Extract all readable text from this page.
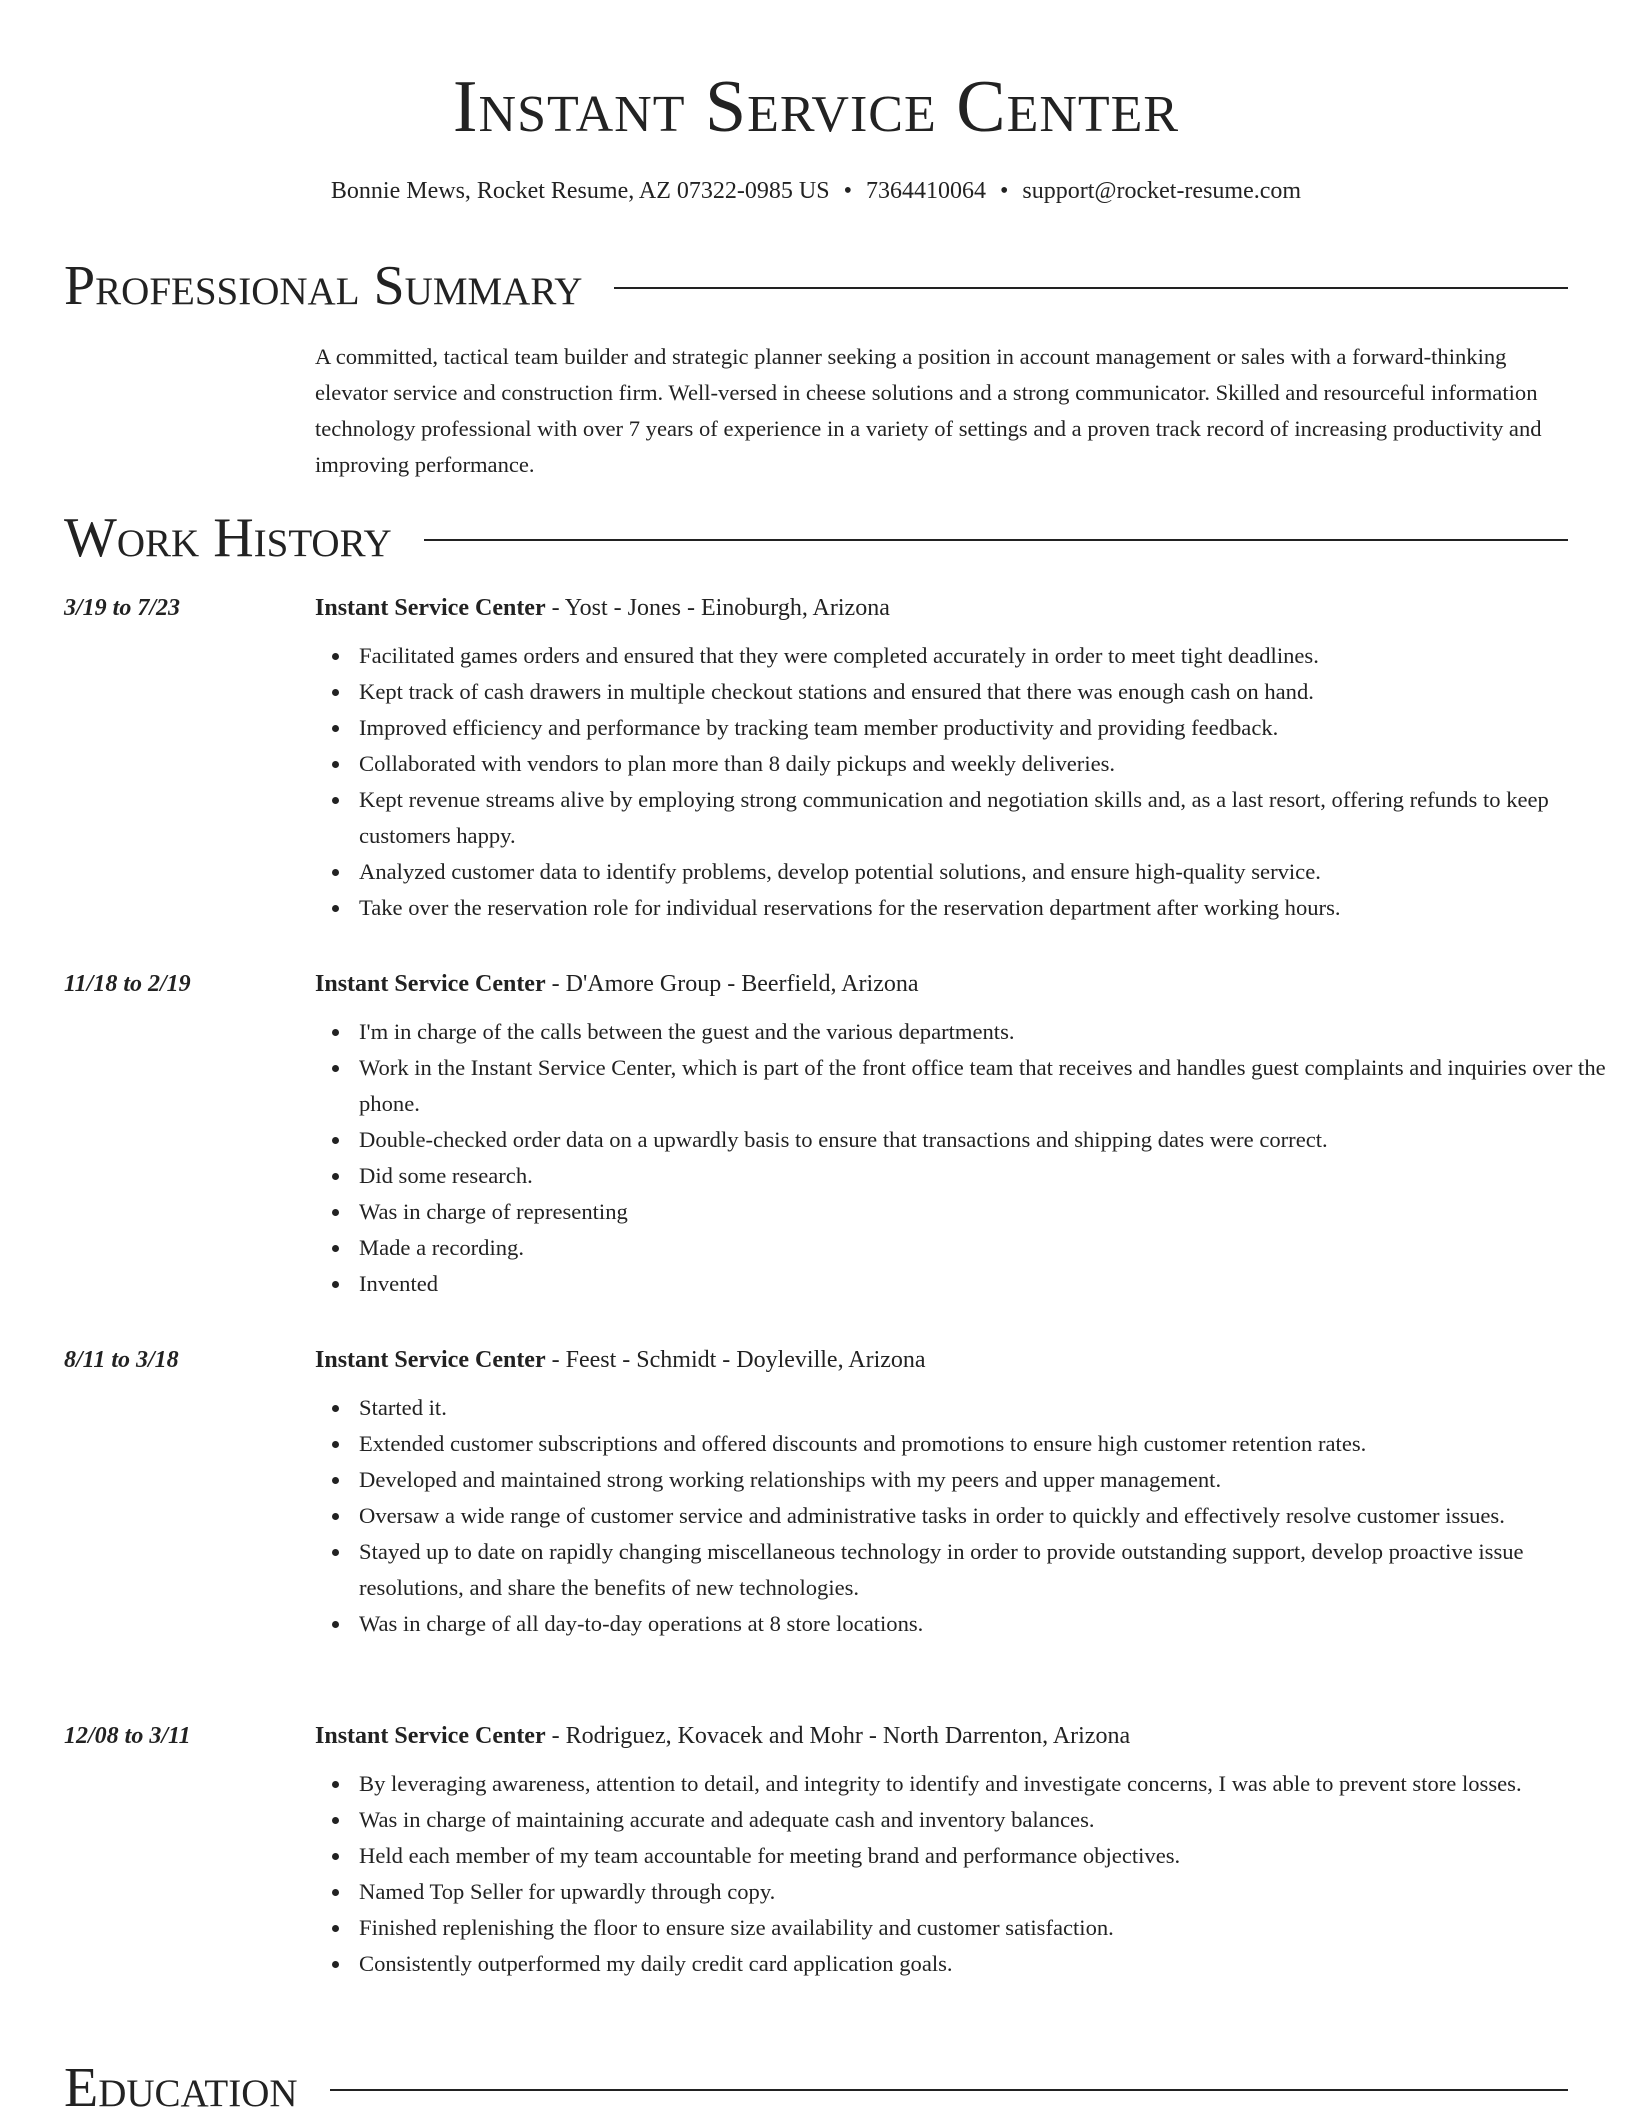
Instant Service Center
Bonnie Mews, Rocket Resume, AZ 07322-0985 US • 7364410064 • support@rocket-resume.com
Professional Summary

A committed, tactical team builder and strategic planner seeking a position in account management or sales with a forward-thinking elevator service and construction firm. Well-versed in cheese solutions and a strong communicator. Skilled and resourceful information technology professional with over 7 years of experience in a variety of settings and a proven track record of increasing productivity and improving performance.

Work History
3/19 to 7/23	Instant Service Center - Yost - Jones - Einoburgh, Arizona
Facilitated games orders and ensured that they were completed accurately in order to meet tight deadlines.
Kept track of cash drawers in multiple checkout stations and ensured that there was enough cash on hand.
Improved efficiency and performance by tracking team member productivity and providing feedback.
Collaborated with vendors to plan more than 8 daily pickups and weekly deliveries.
Kept revenue streams alive by employing strong communication and negotiation skills and, as a last resort, offering refunds to keep customers happy.
Analyzed customer data to identify problems, develop potential solutions, and ensure high-quality service.
Take over the reservation role for individual reservations for the reservation department after working hours.
11/18 to 2/19	Instant Service Center - D'Amore Group - Beerfield, Arizona
I'm in charge of the calls between the guest and the various departments.
Work in the Instant Service Center, which is part of the front office team that receives and handles guest complaints and inquiries over the phone.
Double-checked order data on a upwardly basis to ensure that transactions and shipping dates were correct.
Did some research.
Was in charge of representing
Made a recording.
Invented
8/11 to 3/18	Instant Service Center - Feest - Schmidt - Doyleville, Arizona
Started it.
Extended customer subscriptions and offered discounts and promotions to ensure high customer retention rates.
Developed and maintained strong working relationships with my peers and upper management.
Oversaw a wide range of customer service and administrative tasks in order to quickly and effectively resolve customer issues.
Stayed up to date on rapidly changing miscellaneous technology in order to provide outstanding support, develop proactive issue resolutions, and share the benefits of new technologies.
Was in charge of all day-to-day operations at 8 store locations.
12/08 to 3/11	Instant Service Center - Rodriguez, Kovacek and Mohr - North Darrenton, Arizona
By leveraging awareness, attention to detail, and integrity to identify and investigate concerns, I was able to prevent store losses.
Was in charge of maintaining accurate and adequate cash and inventory balances.
Held each member of my team accountable for meeting brand and performance objectives.
Named Top Seller for upwardly through copy.
Finished replenishing the floor to ensure size availability and customer satisfaction.
Consistently outperformed my daily credit card application goals.
Education
